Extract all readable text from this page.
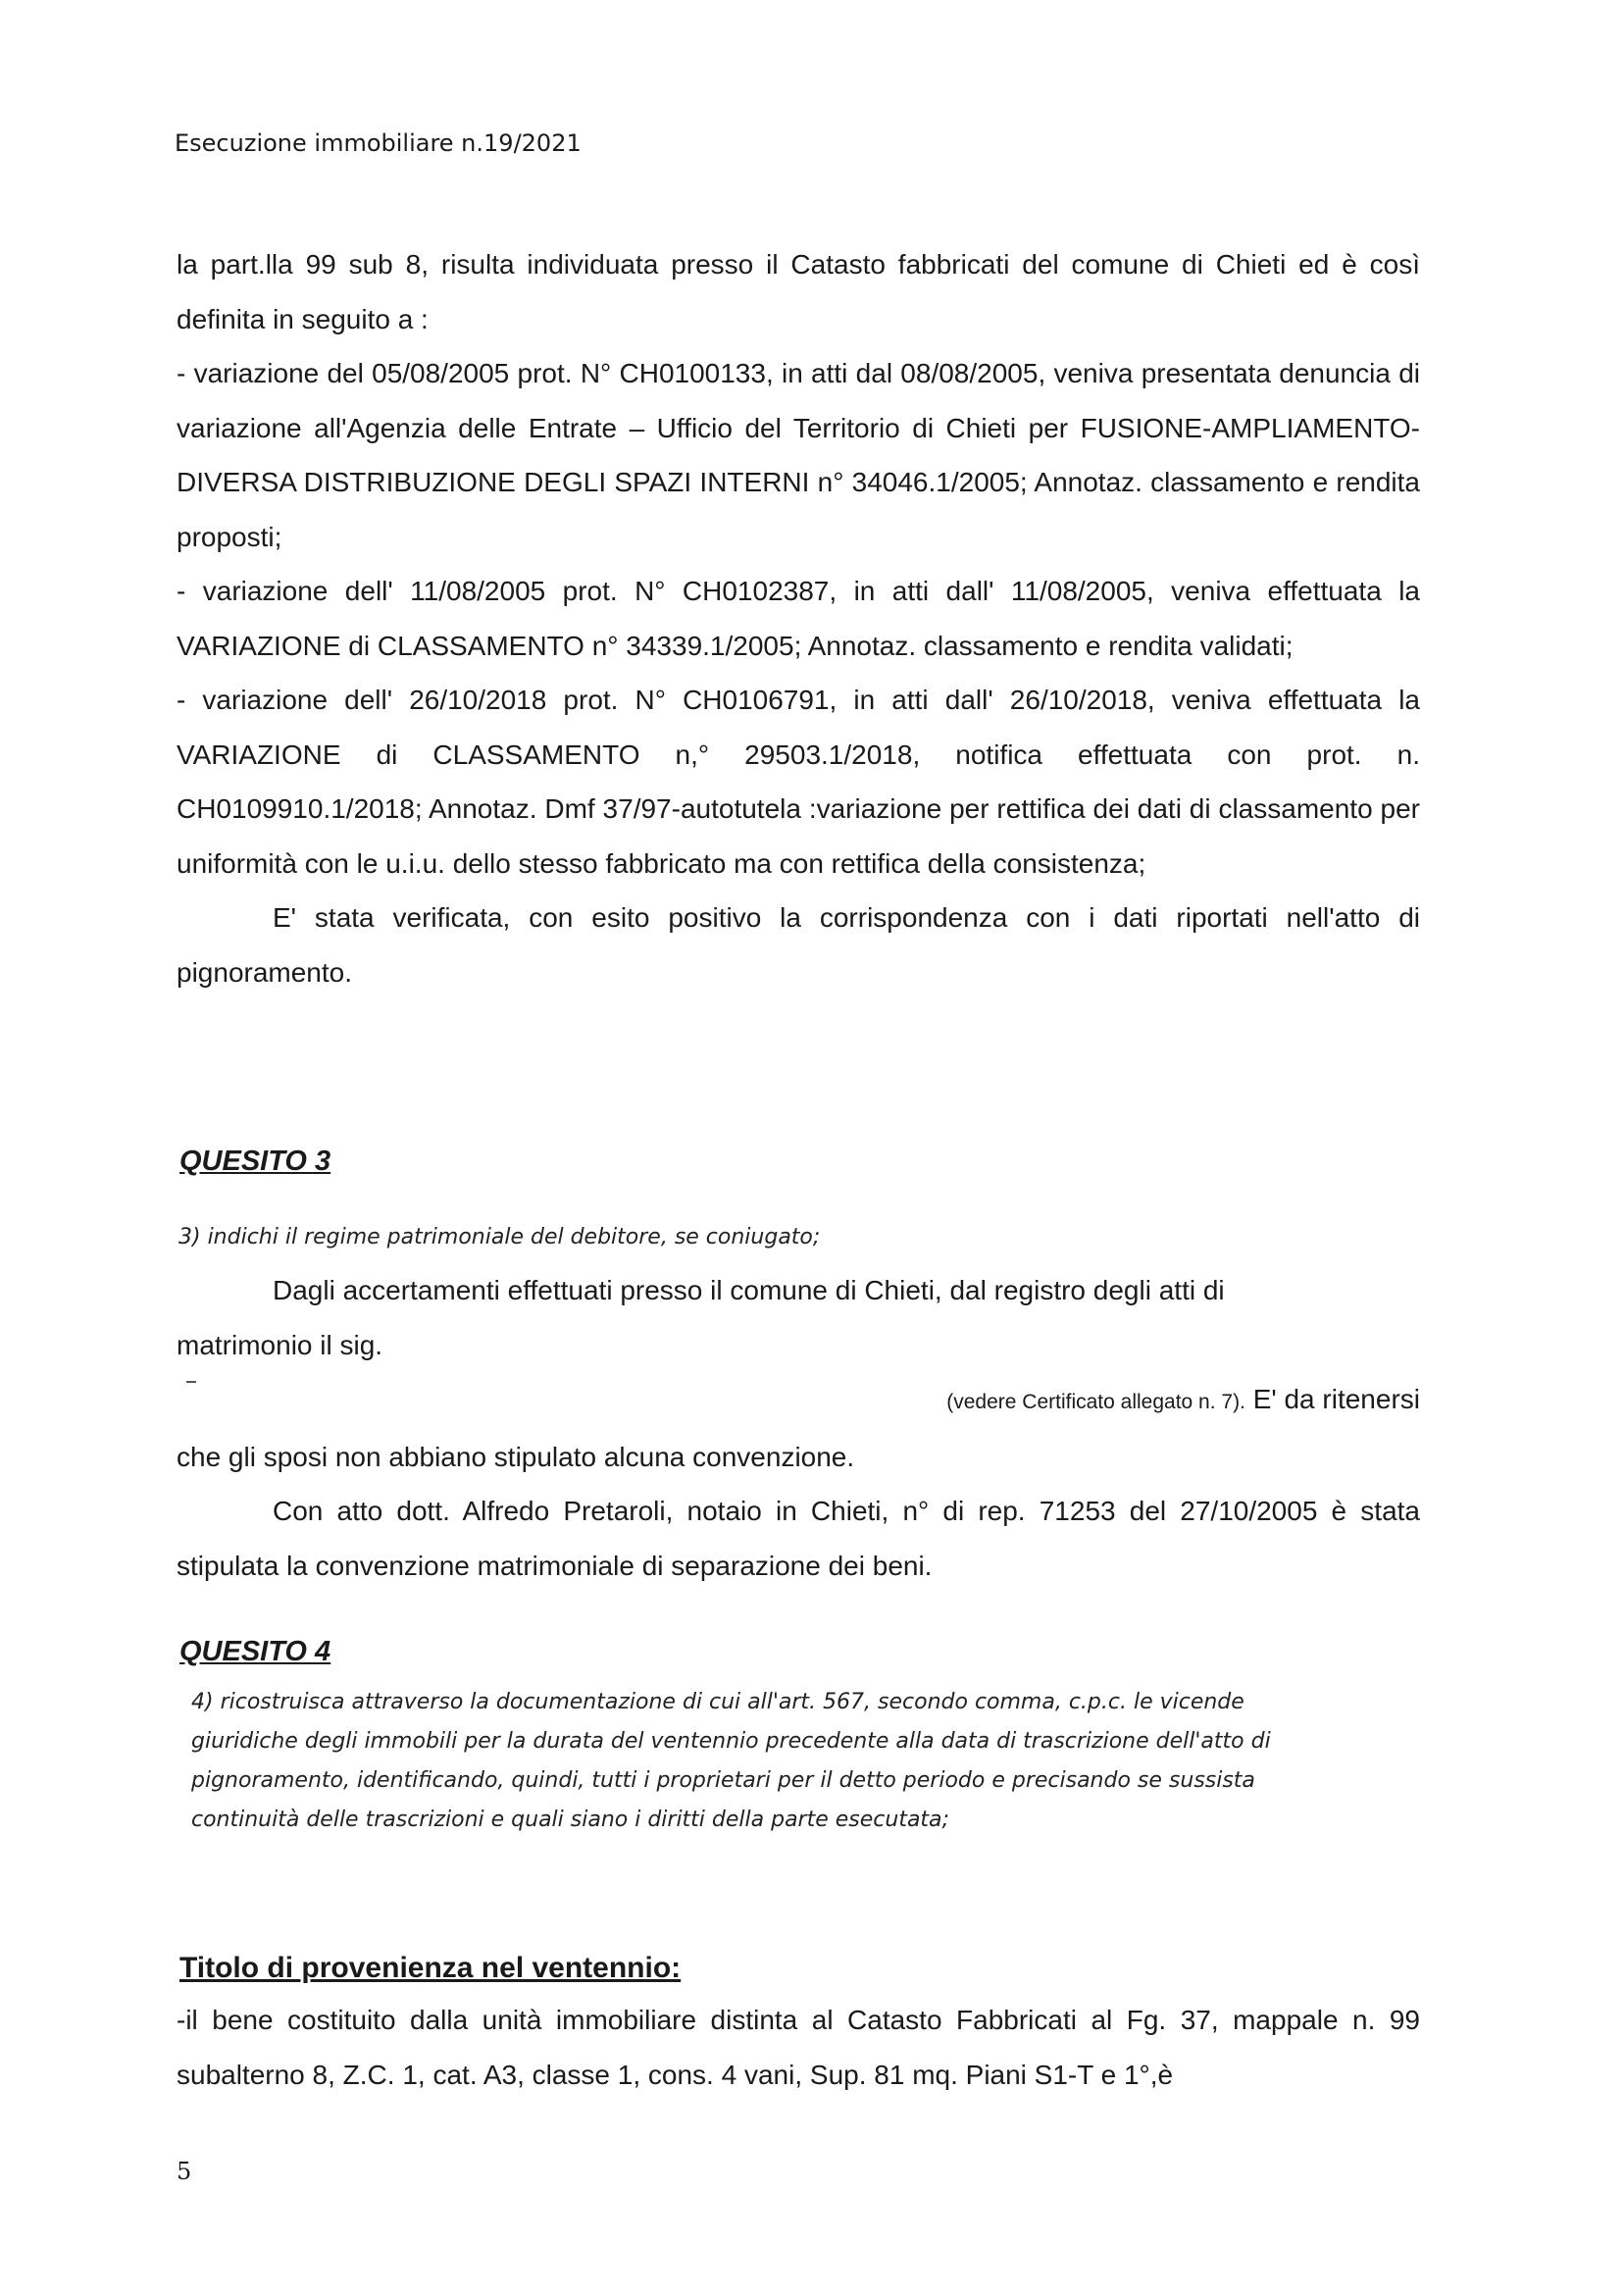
Esecuzione immobiliare n.19/2021

la part.lla 99 sub 8, risulta individuata presso il Catasto fabbricati del comune di Chieti ed è così definita in seguito a :

- variazione del 05/08/2005 prot. N° CH0100133, in atti dal 08/08/2005, veniva presentata denuncia di variazione all'Agenzia delle Entrate – Ufficio del Territorio di Chieti per FUSIONE-AMPLIAMENTO-DIVERSA DISTRIBUZIONE DEGLI SPAZI INTERNI n° 34046.1/2005; Annotaz. classamento e rendita proposti;

- variazione dell' 11/08/2005 prot. N° CH0102387, in atti dall' 11/08/2005, veniva effettuata la VARIAZIONE di CLASSAMENTO n° 34339.1/2005; Annotaz. classamento e rendita validati;

- variazione dell' 26/10/2018 prot. N° CH0106791, in atti dall' 26/10/2018, veniva effettuata la VARIAZIONE di CLASSAMENTO n,° 29503.1/2018, notifica effettuata con prot. n. CH0109910.1/2018; Annotaz. Dmf 37/97-autotutela :variazione per rettifica dei dati di classamento per uniformità con le u.i.u. dello stesso fabbricato ma con rettifica della consistenza;

E' stata verificata, con esito positivo la corrispondenza con i dati riportati nell'atto di pignoramento.

QUESITO 3
3) indichi il regime patrimoniale del debitore, se coniugato;

Dagli accertamenti effettuati presso il comune di Chieti, dal registro degli atti di

matrimonio il sig.

(vedere Certificato allegato n. 7). E' da ritenersi

che gli sposi non abbiano stipulato alcuna convenzione.

Con atto dott. Alfredo Pretaroli, notaio in Chieti, n° di rep. 71253 del 27/10/2005 è stata stipulata la convenzione matrimoniale di separazione dei beni.

QUESITO 4
4) ricostruisca attraverso la documentazione di cui all'art. 567, secondo comma, c.p.c. le vicende
giuridiche degli immobili per la durata del ventennio precedente alla data di trascrizione dell'atto di
pignoramento, identificando, quindi, tutti i proprietari per il detto periodo e precisando se sussista
continuità delle trascrizioni e quali siano i diritti della parte esecutata;
Titolo di provenienza nel ventennio:

-il bene costituito dalla unità immobiliare distinta al Catasto Fabbricati al Fg. 37, mappale n. 99 subalterno 8, Z.C. 1, cat. A3, classe 1, cons. 4 vani, Sup. 81 mq. Piani S1-T e 1°,è

5
